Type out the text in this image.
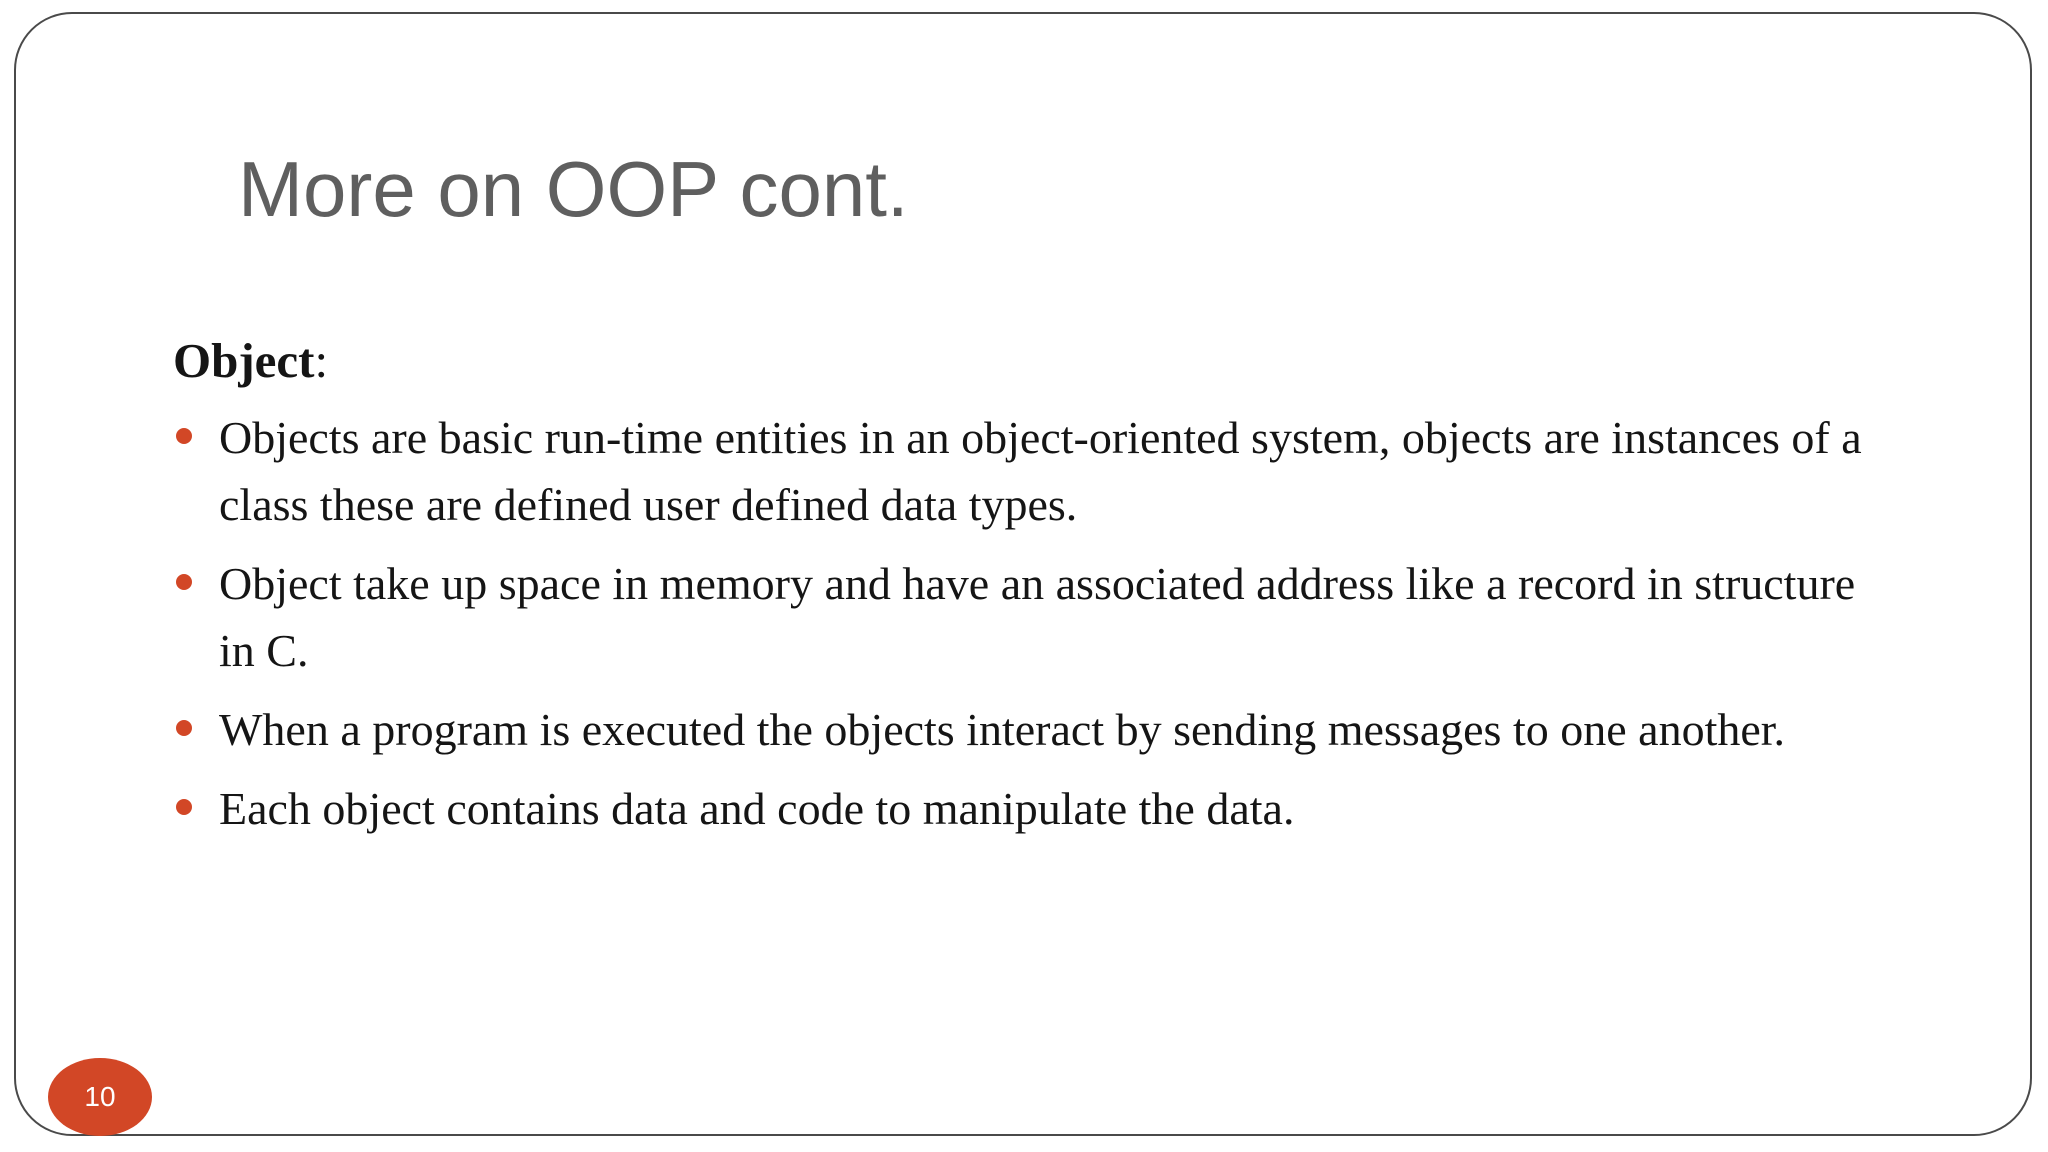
More on OOP cont.

Object:

Objects are basic run-time entities in an object-oriented system, objects are instances of a class these are defined user defined data types.
Object take up space in memory and have an associated address like a record in structure in C.
When a program is executed the objects interact by sending messages to one another.
Each object contains data and code to manipulate the data.
10
